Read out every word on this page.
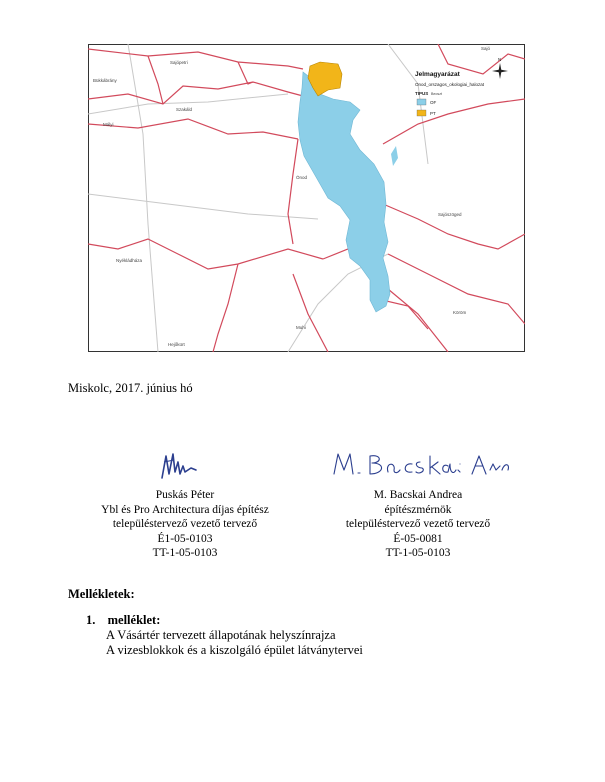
Sajópetri
Bükkábrány
Szakáld
Mályi
Ónod
Sajószöged
Nyékládháza
Muhi
Hejőkürt
Köröm
Sajó
N
Jelmagyarázat
Onod_orszagos_okologiai_halozat
TIPUS Beoszt
OF
PT
Miskolc, 2017. június hó
Puskás Péter
Ybl és Pro Architectura díjas építész
településtervező vezető tervező
É1-05-0103
TT-1-05-0103
M. Bacskai Andrea
építészmérnök
településtervező vezető tervező
É-05-0081
TT-1-05-0103
Mellékletek:
1. melléklet:
A Vásártér tervezett állapotának helyszínrajza
A vizesblokkok és a kiszolgáló épület látványtervei
